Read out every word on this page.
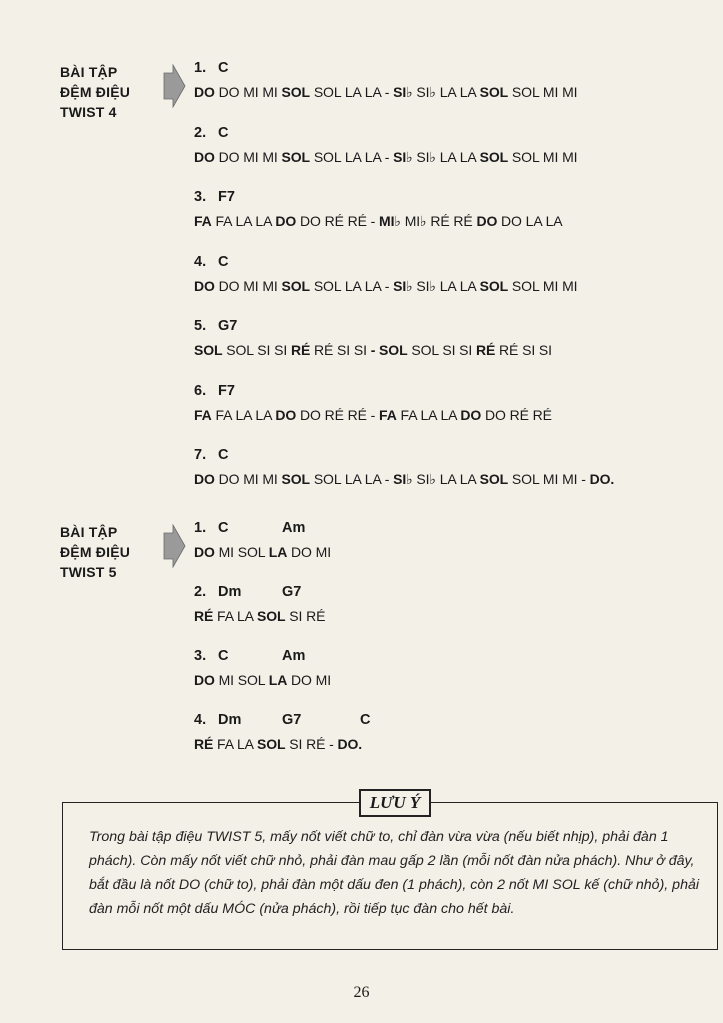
BÀI TẬP
ĐỆM ĐIỆU
TWIST 4
1. C
DO DO MI MI SOL SOL LA LA - SI♭ SI♭ LA LA SOL SOL MI MI
2. C
DO DO MI MI SOL SOL LA LA - SI♭ SI♭ LA LA SOL SOL MI MI
3. F7
FA FA LA LA DO DO RÉ RÉ - MI♭ MI♭ RÉ RÉ DO DO LA LA
4. C
DO DO MI MI SOL SOL LA LA - SI♭ SI♭ LA LA SOL SOL MI MI
5. G7
SOL SOL SI SI RÉ RÉ SI SI - SOL SOL SI SI RÉ RÉ SI SI
6. F7
FA FA LA LA DO DO RÉ RÉ - FA FA LA LA DO DO RÉ RÉ
7. C
DO DO MI MI SOL SOL LA LA - SI♭ SI♭ LA LA SOL SOL MI MI - DO.
BÀI TẬP
ĐỆM ĐIỆU
TWIST 5
1. C	Am
DO MI SOL LA DO MI
2. Dm	G7
RÉ FA LA SOL SI RÉ
3. C	Am
DO MI SOL LA DO MI
4. Dm	G7	C
RÉ FA LA SOL SI RÉ - DO.
LƯU Ý
Trong bài tập điệu TWIST 5, mấy nốt viết chữ to, chỉ đàn vừa vừa (nếu biết nhịp), phải đàn 1 phách). Còn mấy nốt viết chữ nhỏ, phải đàn mau gấp 2 lần (mỗi nốt đàn nửa phách). Như ở đây, bắt đầu là nốt DO (chữ to), phải đàn một dấu đen (1 phách), còn 2 nốt MI SOL kế (chữ nhỏ), phải đàn mỗi nốt một dấu MÓC (nửa phách), rồi tiếp tục đàn cho hết bài.
26
